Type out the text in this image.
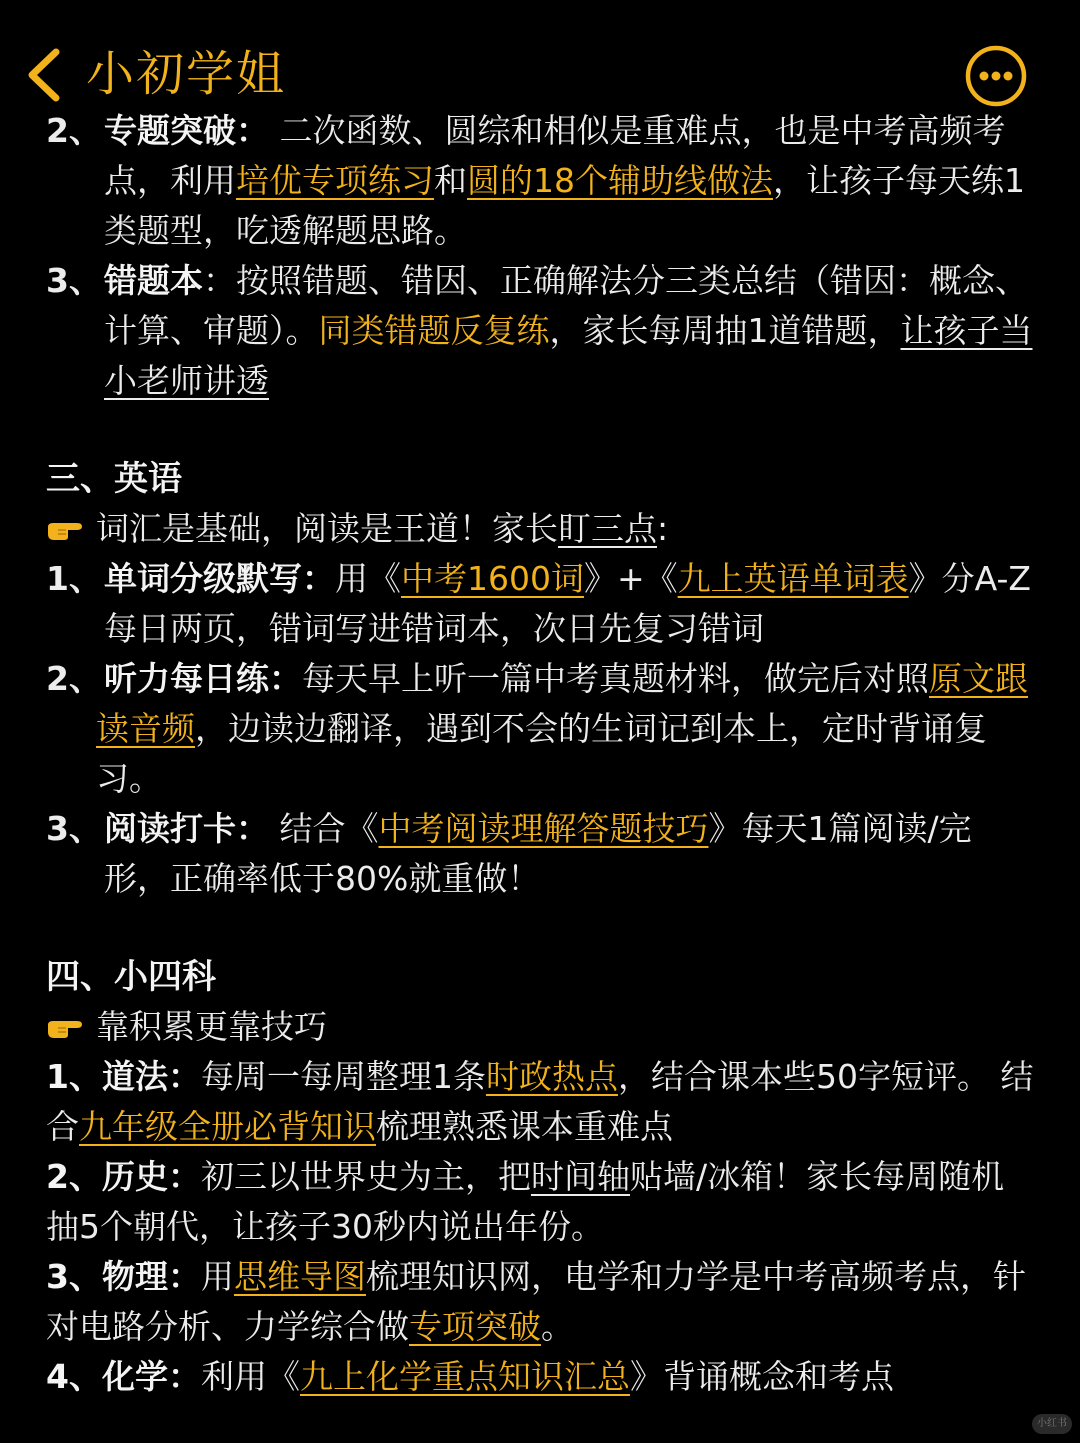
小初学姐
2、 专题突破： 二次函数、圆综和相似是重难点，也是中考高频考点，利用培优专项练习和圆的18个辅助线做法，让孩子每天练1类题型，吃透解题思路。
3、 错题本：按照错题、错因、正确解法分三类总结（错因：概念、计算、审题）。同类错题反复练，家长每周抽1道错题，让孩子当小老师讲透
三、英语
词汇是基础，阅读是王道！家长盯三点:
1、 单词分级默写：用《中考1600词》+《九上英语单词表》分A-Z每日两页，错词写进错词本，次日先复习错词
2、 听力每日练：每天早上听一篇中考真题材料，做完后对照原文跟读音频，边读边翻译，遇到不会的生词记到本上，定时背诵复习。
3、 阅读打卡： 结合《中考阅读理解答题技巧》每天1篇阅读/完形，正确率低于80%就重做！
四、小四科
靠积累更靠技巧
1、道法：每周一每周整理1条时政热点，结合课本些50字短评。 结合九年级全册必背知识梳理熟悉课本重难点
2、历史：初三以世界史为主，把时间轴贴墙/冰箱！家长每周随机抽5个朝代，让孩子30秒内说出年份。
3、物理：用思维导图梳理知识网，电学和力学是中考高频考点，针对电路分析、力学综合做专项突破。
4、化学：利用《九上化学重点知识汇总》背诵概念和考点
小红书
